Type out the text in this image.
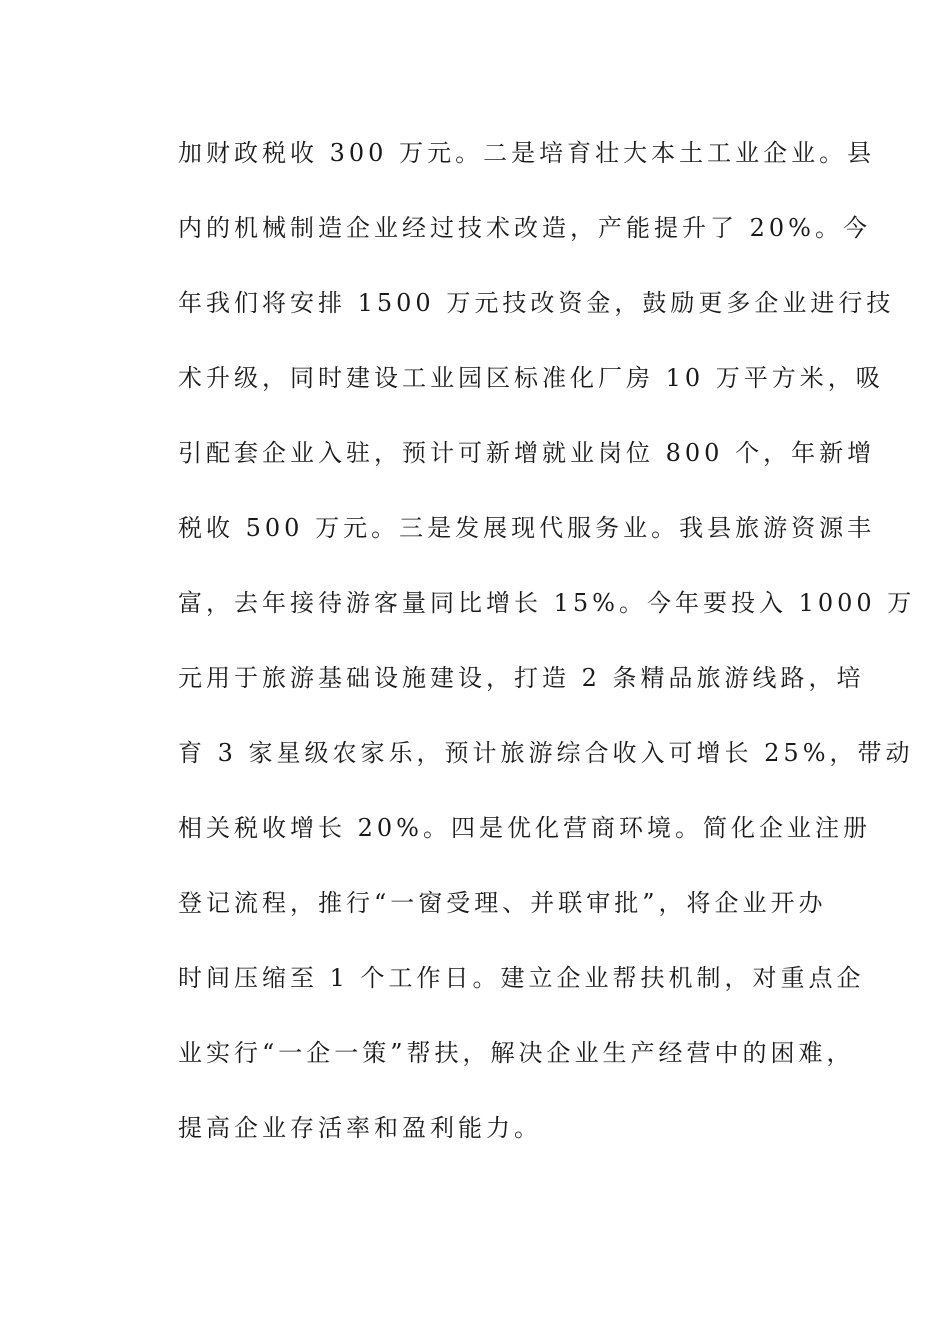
加财政税收 300 万元。二是培育壮大本土工业企业。县
内的机械制造企业经过技术改造，产能提升了 20%。今
年我们将安排 1500 万元技改资金，鼓励更多企业进行技
术升级，同时建设工业园区标准化厂房 10 万平方米，吸
引配套企业入驻，预计可新增就业岗位 800 个，年新增
税收 500 万元。三是发展现代服务业。我县旅游资源丰
富，去年接待游客量同比增长 15%。今年要投入 1000 万
元用于旅游基础设施建设，打造 2 条精品旅游线路，培
育 3 家星级农家乐，预计旅游综合收入可增长 25%，带动
相关税收增长 20%。四是优化营商环境。简化企业注册
登记流程，推行“一窗受理、并联审批”，将企业开办
时间压缩至 1 个工作日。建立企业帮扶机制，对重点企
业实行“一企一策”帮扶，解决企业生产经营中的困难，
提高企业存活率和盈利能力。
